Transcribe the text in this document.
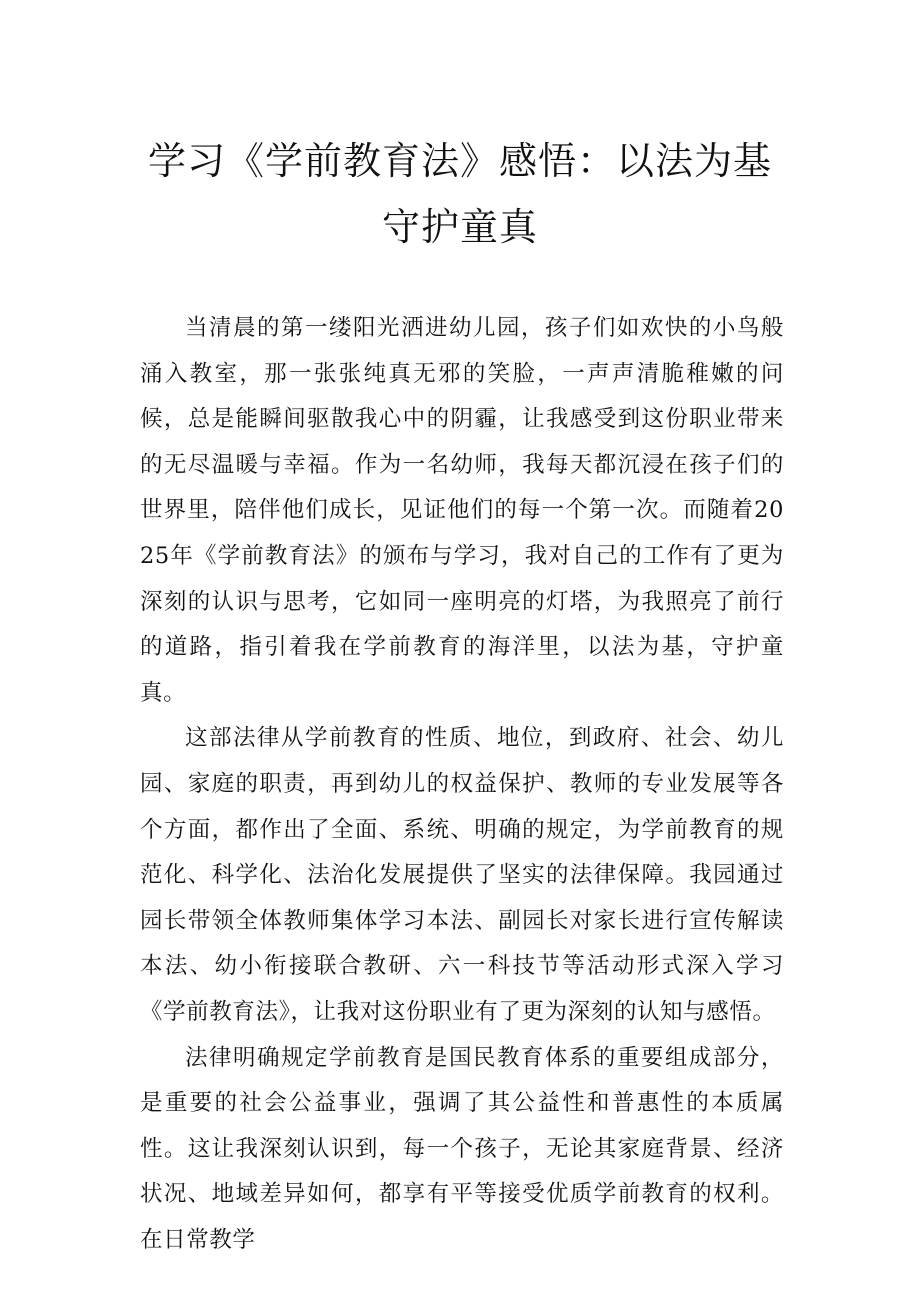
学习《学前教育法》感悟：以法为基守护童真

当清晨的第一缕阳光洒进幼儿园，孩子们如欢快的小鸟般涌入教室，那一张张纯真无邪的笑脸，一声声清脆稚嫩的问候，总是能瞬间驱散我心中的阴霾，让我感受到这份职业带来的无尽温暖与幸福。作为一名幼师，我每天都沉浸在孩子们的世界里，陪伴他们成长，见证他们的每一个第一次。而随着2025年《学前教育法》的颁布与学习，我对自己的工作有了更为深刻的认识与思考，它如同一座明亮的灯塔，为我照亮了前行的道路，指引着我在学前教育的海洋里，以法为基，守护童真。

这部法律从学前教育的性质、地位，到政府、社会、幼儿园、家庭的职责，再到幼儿的权益保护、教师的专业发展等各个方面，都作出了全面、系统、明确的规定，为学前教育的规范化、科学化、法治化发展提供了坚实的法律保障。我园通过园长带领全体教师集体学习本法、副园长对家长进行宣传解读本法、幼小衔接联合教研、六一科技节等活动形式深入学习《学前教育法》，让我对这份职业有了更为深刻的认知与感悟。

法律明确规定学前教育是国民教育体系的重要组成部分，是重要的社会公益事业，强调了其公益性和普惠性的本质属性。这让我深刻认识到，每一个孩子，无论其家庭背景、经济状况、地域差异如何，都享有平等接受优质学前教育的权利。在日常教学
